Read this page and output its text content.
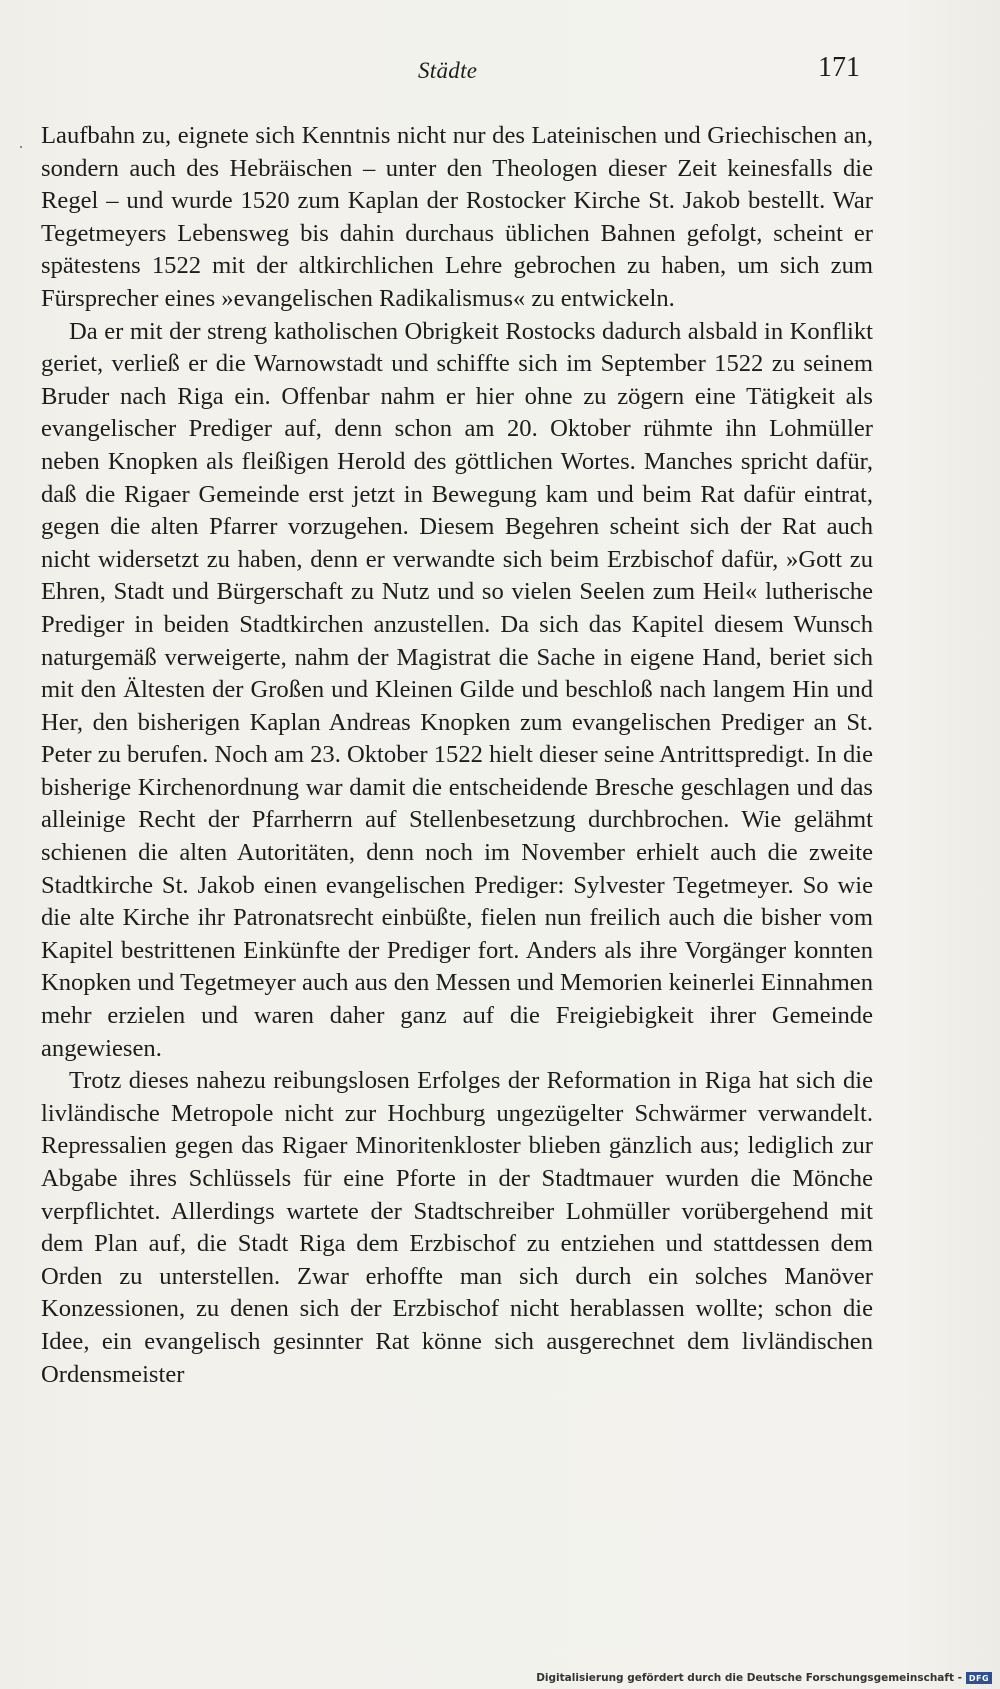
Städte	171

Laufbahn zu, eignete sich Kenntnis nicht nur des Lateinischen und Griechischen an, sondern auch des Hebräischen – unter den Theologen dieser Zeit keinesfalls die Regel – und wurde 1520 zum Kaplan der Rostocker Kirche St. Jakob bestellt. War Tegetmeyers Lebensweg bis dahin durchaus üblichen Bahnen gefolgt, scheint er spätestens 1522 mit der altkirchlichen Lehre gebrochen zu haben, um sich zum Fürsprecher eines »evangelischen Radikalismus« zu entwickeln.

Da er mit der streng katholischen Obrigkeit Rostocks dadurch alsbald in Konflikt geriet, verließ er die Warnowstadt und schiffte sich im September 1522 zu seinem Bruder nach Riga ein. Offenbar nahm er hier ohne zu zögern eine Tätigkeit als evangelischer Prediger auf, denn schon am 20. Oktober rühmte ihn Lohmüller neben Knopken als fleißigen Herold des göttlichen Wortes. Manches spricht dafür, daß die Rigaer Gemeinde erst jetzt in Bewegung kam und beim Rat dafür eintrat, gegen die alten Pfarrer vorzugehen. Diesem Begehren scheint sich der Rat auch nicht widersetzt zu haben, denn er verwandte sich beim Erzbischof dafür, »Gott zu Ehren, Stadt und Bürgerschaft zu Nutz und so vielen Seelen zum Heil« lutherische Prediger in beiden Stadtkirchen anzustellen. Da sich das Kapitel diesem Wunsch naturgemäß verweigerte, nahm der Magistrat die Sache in eigene Hand, beriet sich mit den Ältesten der Großen und Kleinen Gilde und beschloß nach langem Hin und Her, den bisherigen Kaplan Andreas Knopken zum evangelischen Prediger an St. Peter zu berufen. Noch am 23. Oktober 1522 hielt dieser seine Antrittspredigt. In die bisherige Kirchenordnung war damit die entscheidende Bresche geschlagen und das alleinige Recht der Pfarrherrn auf Stellenbesetzung durchbrochen. Wie gelähmt schienen die alten Autoritäten, denn noch im November erhielt auch die zweite Stadtkirche St. Jakob einen evangelischen Prediger: Sylvester Tegetmeyer. So wie die alte Kirche ihr Patronatsrecht einbüßte, fielen nun freilich auch die bisher vom Kapitel bestrittenen Einkünfte der Prediger fort. Anders als ihre Vorgänger konnten Knopken und Tegetmeyer auch aus den Messen und Memorien keinerlei Einnahmen mehr erzielen und waren daher ganz auf die Freigiebigkeit ihrer Gemeinde angewiesen.

Trotz dieses nahezu reibungslosen Erfolges der Reformation in Riga hat sich die livländische Metropole nicht zur Hochburg ungezügelter Schwärmer verwandelt. Repressalien gegen das Rigaer Minoritenkloster blieben gänzlich aus; lediglich zur Abgabe ihres Schlüssels für eine Pforte in der Stadtmauer wurden die Mönche verpflichtet. Allerdings wartete der Stadtschreiber Lohmüller vorübergehend mit dem Plan auf, die Stadt Riga dem Erzbischof zu entziehen und stattdessen dem Orden zu unterstellen. Zwar erhoffte man sich durch ein solches Manöver Konzessionen, zu denen sich der Erzbischof nicht herablassen wollte; schon die Idee, ein evangelisch gesinnter Rat könne sich ausgerechnet dem livländischen Ordensmeister

Digitalisierung gefördert durch die Deutsche Forschungsgemeinschaft - DFG
